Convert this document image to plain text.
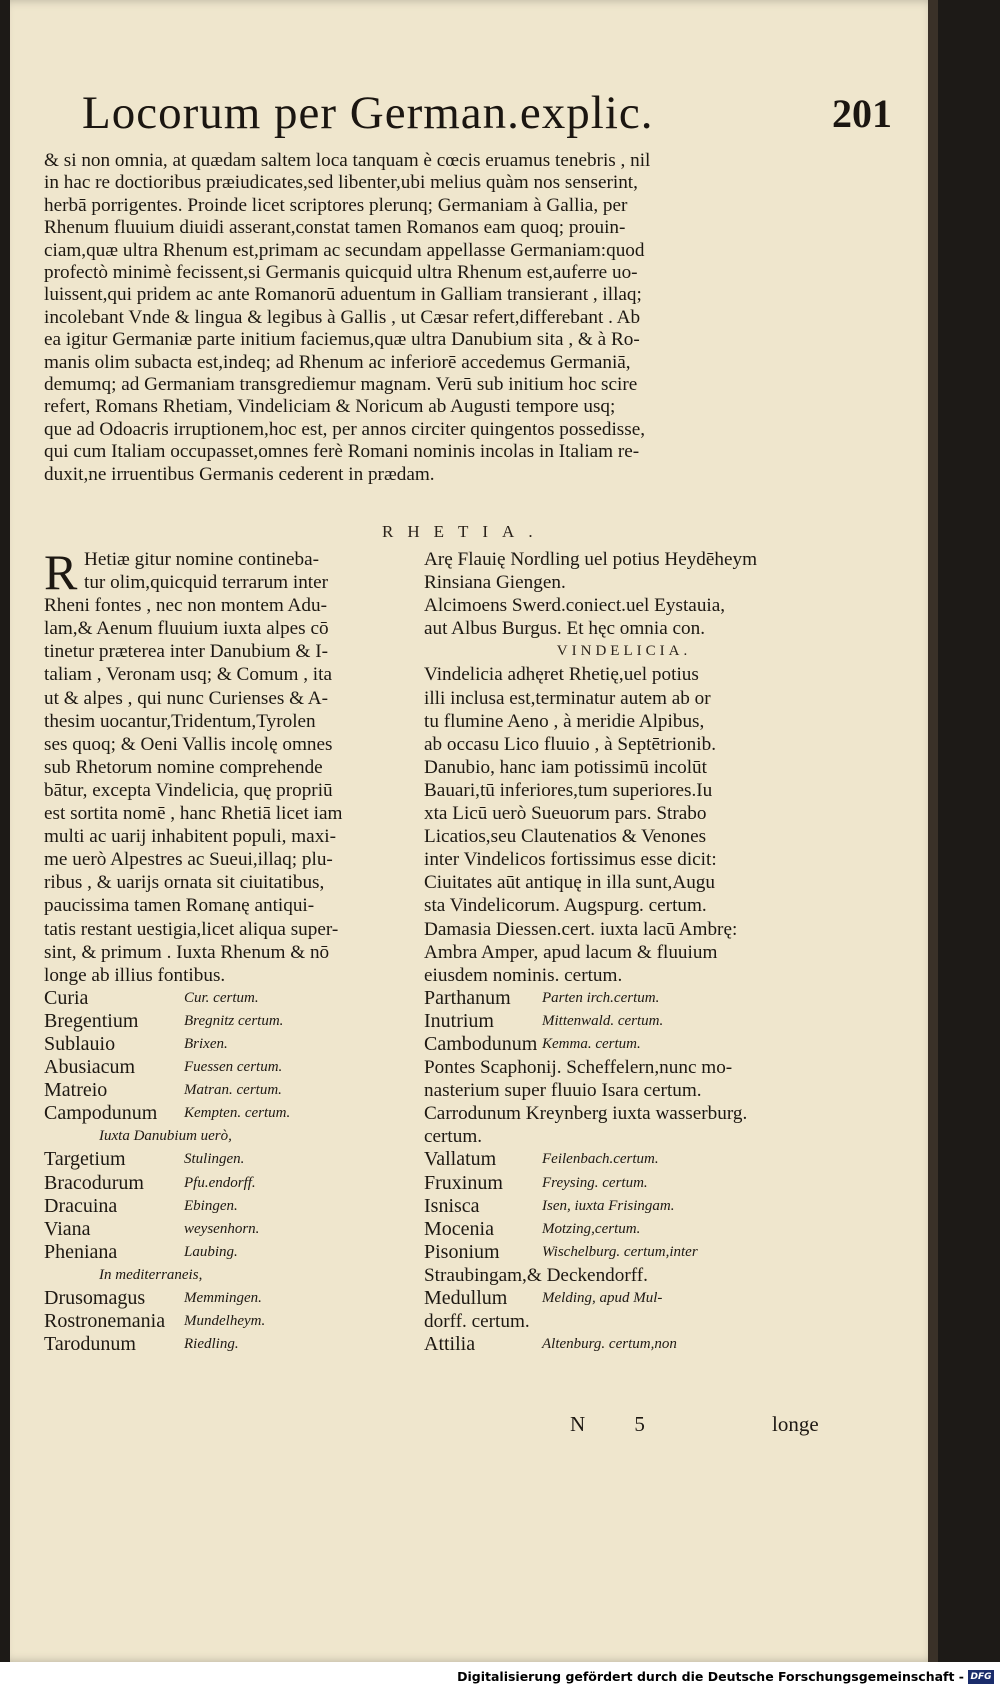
Locorum per German.explic.	201
& si non omnia, at quædam saltem loca tanquam è cœcis eruamus tenebris , nil
in hac re doctioribus præiudicates,sed libenter,ubi melius quàm nos senserint,
herbā porrigentes. Proinde licet scriptores plerunq; Germaniam à Gallia, per
Rhenum fluuium diuidi asserant,constat tamen Romanos eam quoq; prouin-
ciam,quæ ultra Rhenum est,primam ac secundam appellasse Germaniam:quod
profectò minimè fecissent,si Germanis quicquid ultra Rhenum est,auferre uo-
luissent,qui pridem ac ante Romanorū aduentum in Galliam transierant , illaq;
incolebant Vnde & lingua & legibus à Gallis , ut Cæsar refert,differebant . Ab
ea igitur Germaniæ parte initium faciemus,quæ ultra Danubium sita , & à Ro-
manis olim subacta est,indeq; ad Rhenum ac inferiorē accedemus Germaniā,
demumq; ad Germaniam transgrediemur magnam. Verū sub initium hoc scire
refert, Romans Rhetiam, Vindeliciam & Noricum ab Augusti tempore usq;
que ad Odoacris irruptionem,hoc est, per annos circiter quingentos possedisse,
qui cum Italiam occupasset,omnes ferè Romani nominis incolas in Italiam re-
duxit,ne irruentibus Germanis cederent in prædam.
RHETIA.
R Hetiæ gitur nomine contineba-
tur olim,quicquid terrarum inter
Rheni fontes , nec non montem Adu-
lam,& Aenum fluuium iuxta alpes cō
tinetur præterea inter Danubium & I-
taliam , Veronam usq; & Comum , ita
ut & alpes , qui nunc Curienses & A-
thesim uocantur,Tridentum,Tyrolen
ses quoq; & Oeni Vallis incolę omnes
sub Rhetorum nomine comprehende
bātur, excepta Vindelicia, quę propriū
est sortita nomē , hanc Rhetiā licet iam
multi ac uarij inhabitent populi, maxi-
me uerò Alpestres ac Sueui,illaq; plu-
ribus , & uarijs ornata sit ciuitatibus,
paucissima tamen Romanę antiqui-
tatis restant uestigia,licet aliqua super-
sint, & primum . Iuxta Rhenum & nō
longe ab illius fontibus.
Curia	Cur. certum.
Bregentium	Bregnitz certum.
Sublauio	Brixen.
Abusiacum	Fuessen certum.
Matreio	Matran. certum.
Campodunum	Kempten. certum.
Iuxta Danubium uerò,
Targetium	Stulingen.
Bracodurum	Pfu.endorff.
Dracuina	Ebingen.
Viana	weysenhorn.
Pheniana	Laubing.
In mediterraneis,
Drusomagus	Memmingen.
Rostronemania	Mundelheym.
Tarodunum	Riedling.
Arę Flauię Nordling uel potius Heydēheym
Rinsiana Giengen.
Alcimoens Swerd.coniect.uel Eystauia,
aut Albus Burgus. Et hęc omnia con.
VINDELICIA.
Vindelicia adhęret Rhetię,uel potius
illi inclusa est,terminatur autem ab or
tu flumine Aeno , à meridie Alpibus,
ab occasu Lico fluuio , à Septētrionib.
Danubio, hanc iam potissimū incolūt
Bauari,tū inferiores,tum superiores.Iu
xta Licū uerò Sueuorum pars. Strabo
Licatios,seu Clautenatios & Venones
inter Vindelicos fortissimus esse dicit:
Ciuitates aūt antiquę in illa sunt,Augu
sta Vindelicorum. Augspurg. certum.
Damasia Diessen.cert. iuxta lacū Ambrę:
Ambra Amper, apud lacum & fluuium
eiusdem nominis. certum.
Parthanum	Parten irch.certum.
Inutrium	Mittenwald. certum.
Cambodunum Kemma. certum.
Pontes Scaphonij. Scheffelern,nunc mo-
nasterium super fluuio Isara certum.
Carrodunum Kreynberg iuxta wasserburg.
certum.
Vallatum	Feilenbach.certum.
Fruxinum	Freysing. certum.
Isnisca	Isen, iuxta Frisingam.
Mocenia	Motzing,certum.
Pisonium	Wischelburg. certum,inter
Straubingam,& Deckendorff.
Medullum	Melding, apud Mul-
dorff. certum.
Attilia	Altenburg. certum,non
N 5	longe
Digitalisierung gefördert durch die Deutsche Forschungsgemeinschaft - DFG
